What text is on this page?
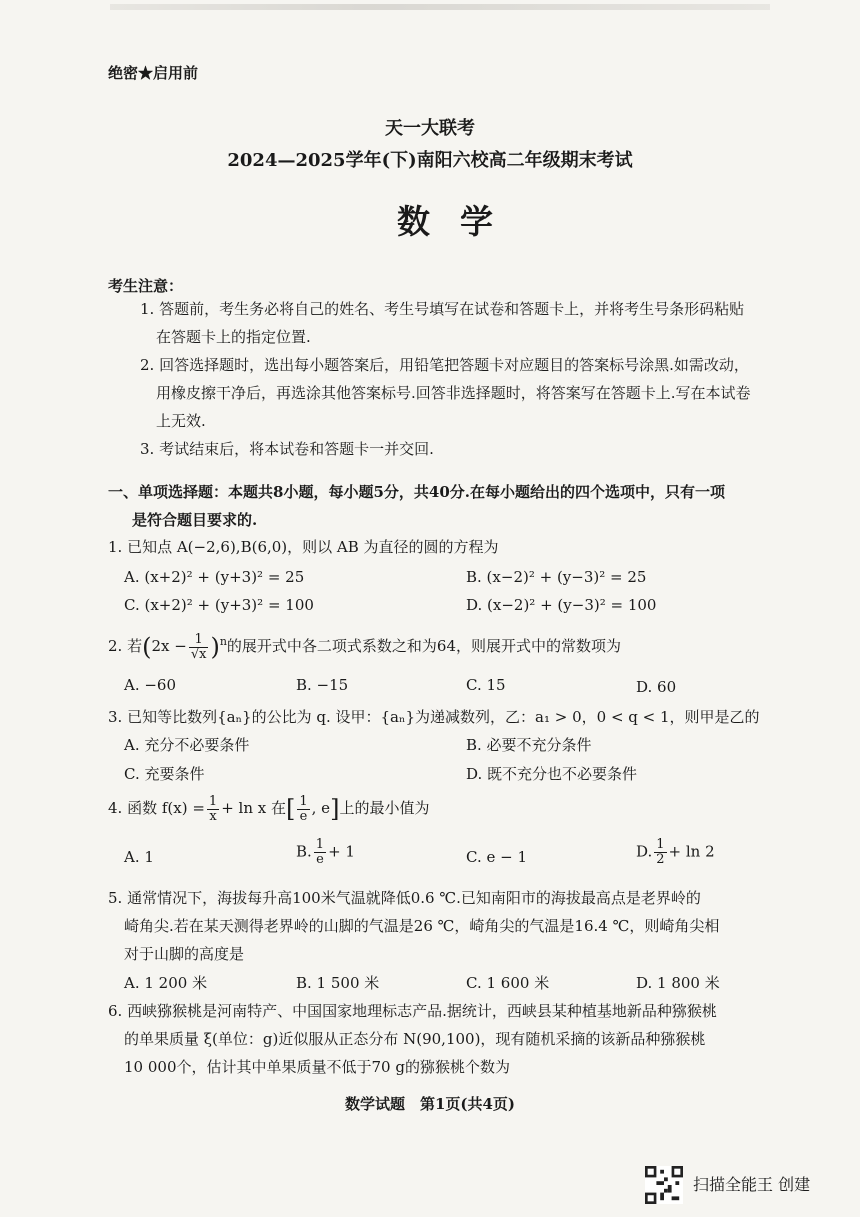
绝密★启用前
天一大联考
2024—2025学年(下)南阳六校高二年级期末考试
数学
考生注意：
1. 答题前，考生务必将自己的姓名、考生号填写在试卷和答题卡上，并将考生号条形码粘贴在答题卡上的指定位置.
2. 回答选择题时，选出每小题答案后，用铅笔把答题卡对应题目的答案标号涂黑.如需改动，用橡皮擦干净后，再选涂其他答案标号.回答非选择题时，将答案写在答题卡上.写在本试卷上无效.
3. 考试结束后，将本试卷和答题卡一并交回.
一、单项选择题：本题共8小题，每小题5分，共40分.在每小题给出的四个选项中，只有一项
是符合题目要求的.
1. 已知点 A(−2,6),B(6,0)，则以 AB 为直径的圆的方程为
A. (x+2)² + (y+3)² = 25	B. (x−2)² + (y−3)² = 25
C. (x+2)² + (y+3)² = 100	D. (x−2)² + (y−3)² = 100
2. 若$(2x - \frac{1}{√x} )^n$的展开式中各二项式系数之和为64，则展开式中的常数项为
A. −60	B. −15	C. 15	D. 60
3. 已知等比数列{aₙ}的公比为 q. 设甲：{aₙ}为递减数列，乙：a₁ > 0，0 < q < 1，则甲是乙的
A. 充分不必要条件	B. 必要不充分条件
C. 充要条件	D. 既不充分也不必要条件
4. 函数 $f(x) = \frac{1}{x} + \ln x$ 在[ $\frac{1}{e}$ , e]上的最小值为
A. 1	B. $\frac{1}{e} + 1$	C. e − 1	D. $\frac{1}{2} + \ln 2$
5. 通常情况下，海拔每升高100米气温就降低0.6 ℃.已知南阳市的海拔最高点是老界岭的
崎角尖.若在某天测得老界岭的山脚的气温是26 ℃，崎角尖的气温是16.4 ℃，则崎角尖相
对于山脚的高度是
A. 1 200 米	B. 1 500 米	C. 1 600 米	D. 1 800 米
6. 西峡猕猴桃是河南特产、中国国家地理标志产品.据统计，西峡县某种植基地新品种猕猴桃
的单果质量 ξ(单位：g)近似服从正态分布 N(90,100)，现有随机采摘的该新品种猕猴桃
10 000个，估计其中单果质量不低于70 g的猕猴桃个数为
数学试题　第1页(共4页)
扫描全能王 创建
